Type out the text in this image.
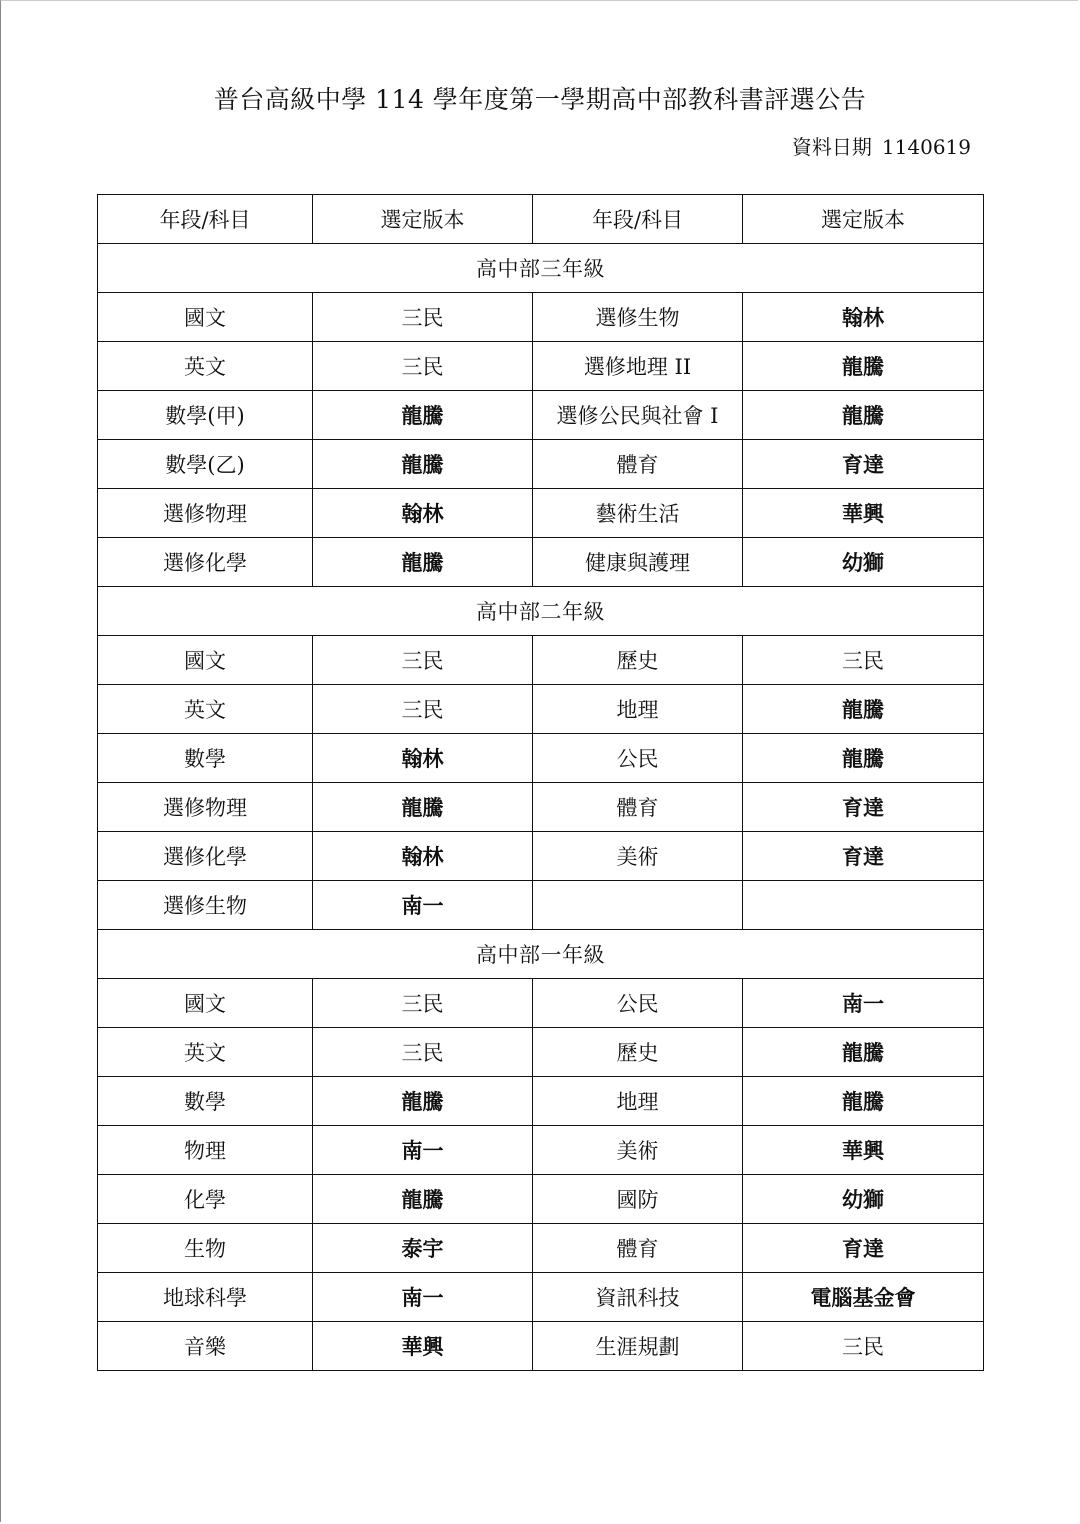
普台高級中學 114 學年度第一學期高中部教科書評選公告
資料日期 1140619
年段/科目	選定版本	年段/科目	選定版本
高中部三年級			
國文	三民	選修生物	翰林
英文	三民	選修地理 II	龍騰
數學(甲)	龍騰	選修公民與社會 I	龍騰
數學(乙)	龍騰	體育	育達
選修物理	翰林	藝術生活	華興
選修化學	龍騰	健康與護理	幼獅
高中部二年級			
國文	三民	歷史	三民
英文	三民	地理	龍騰
數學	翰林	公民	龍騰
選修物理	龍騰	體育	育達
選修化學	翰林	美術	育達
選修生物	南一		
高中部一年級			
國文	三民	公民	南一
英文	三民	歷史	龍騰
數學	龍騰	地理	龍騰
物理	南一	美術	華興
化學	龍騰	國防	幼獅
生物	泰宇	體育	育達
地球科學	南一	資訊科技	電腦基金會
音樂	華興	生涯規劃	三民
